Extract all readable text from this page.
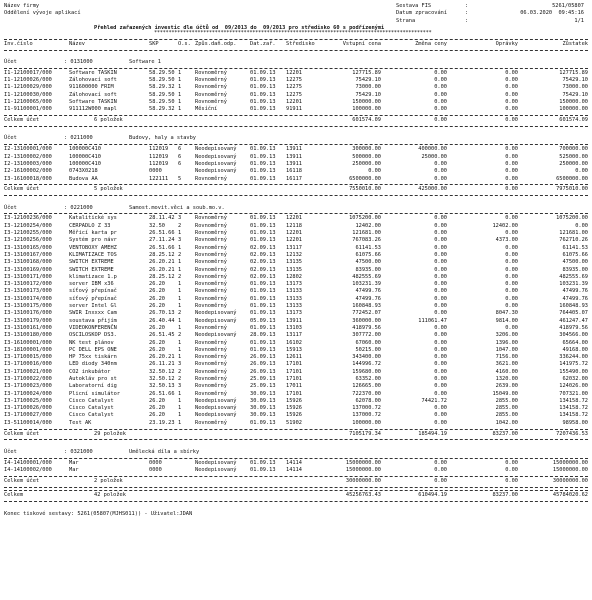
Název firmy

	Sestava FIS

	:

	5261/05807

Oddělení vývoje aplikací

	Datum zpracování

	:

	06.03.2020  09:45:16

Strana

	:

	1/1

Přehled zařazených investic dle účtů od  09/2013 do  09/2013 pro středisko 60 s podřízenými

************************************************************************************************

Inv.číslo	Název	SKP	O.s. Způs.daň.odp.	Dat.zař. Středisko	Vstupní cena	Změna ceny	Oprávky	Zůstatek
Účet	: 0131000	Software 1
I1-12100017/000	Software TASKIN	58.29.50 1	Rovnoměrný	01.09.13 12201	127715.89	0.00	0.00	127715.89
I1-12100026/000	Zálohovací soft	58.29.50 1	Rovnoměrný	01.09.13 12275	75429.10	0.00	0.00	75429.10
I1-12100029/000	911600000 FRIM	58.29.32 1	Rovnoměrný	01.09.13 12275	73000.00	0.00	0.00	73000.00
I1-12100030/000	Zálohovací soft	58.29.50 1	Rovnoměrný	01.09.13 12275	75429.10	0.00	0.00	75429.10
I1-12100065/000	Software TASKIN	58.29.50 1	Rovnoměrný	01.09.13 12201	150000.00	0.00	0.00	150000.00
I1-91100001/000	911112W000 mapl	58.29.32 1	Měsíční	01.09.13 91911	100000.00	0.00	0.00	100000.00
Celkem účet	6 položek	601574.09	0.00	0.00	601574.09
Účet	: 0211000	Budovy, haly a stavby
I2-13100001/000	100000C410	112019 6	Neodepisovaný	01.09.13 13911	300000.00	400000.00	0.00	700000.00
I2-13100002/000	100000C410	112019 6	Neodepisovaný	01.09.13 13911	500000.00	25000.00	0.00	525000.00
I2-13100003/000	100000C410	112019 6	Neodepisovaný	01.09.13 13911	250000.00	0.00	0.00	250000.00
I2-16100002/000	0743X0218	0000	Neodepisovaný	01.09.13 16118	0.00	0.00	0.00	0.00
I3-16100018/000	Budova AA	122111 5	Rovnoměrný	01.09.13 16117	6500000.00	0.00	0.00	6500000.00
Celkem účet	5 položek	7550010.00	425000.00	0.00	7975010.00
Účet	: 0221000	Samost.movit.věci a soub.mo.v.
I3-12100236/000	Katalitické sys	28.11.42 3	Rovnoměrný	01.09.13 12201	1075200.00	0.00	0.00	1075200.00
I3-12100254/000	CERPADLO Z 33	32.50 2	Rovnoměrný	01.09.13 12118	12402.00	0.00	12402.00	0.00
I3-12100255/000	Měřicí karta pr	26.51.66 1	Rovnoměrný	01.09.13 12201	121681.00	0.00	0.00	121681.00
I3-12100256/000	Systém pro návr	27.11.24 3	Rovnoměrný	01.09.13 12201	767083.26	0.00	4373.00	762710.26
I3-13100165/000	VENTOBOXY AMEHZ	26.51.66 1	Rovnoměrný	02.09.13 13117	61141.53	0.00	0.00	61141.53
I3-13100167/000	KLIMATIZACE TOS	28.25.12 2	Rovnoměrný	02.09.13 12132	61075.66	0.00	0.00	61075.66
I3-13100168/000	SWITCH EXTREME	26.20.21 1	Rovnoměrný	02.09.13 13135	47500.00	0.00	0.00	47500.00
I3-13100169/000	SWITCH EXTREME	26.20.21 1	Rovnoměrný	02.09.13 13135	83935.00	0.00	0.00	83935.00
I3-13100171/000	klimatizace 1.p	28.25.12 2	Rovnoměrný	02.09.13 12802	482555.69	0.00	0.00	482555.69
I3-13100172/000	server IBM x36	26.20 1	Rovnoměrný	01.09.13 13173	103231.39	0.00	0.00	103231.39
I3-13100173/000	síťový přepínač	26.20 1	Rovnoměrný	01.09.13 13133	47499.76	0.00	0.00	47499.76
I3-13100174/000	síťový přepínač	26.20 1	Rovnoměrný	01.09.13 13133	47499.76	0.00	0.00	47499.76
I3-13100175/000	server Intel Gl	26.20 1	Rovnoměrný	01.09.13 13133	160848.93	0.00	0.00	160848.93
I3-13100176/000	SWIR Inxxxx Cam	26.70.13 2	Neodepisovaný	01.09.13 13173	772452.07	0.00	8047.30	764405.07
I3-13100179/000	soustava přijím	26.40.44 1	Neodepisovaný	05.09.13 13911	360000.00	111061.47	9814.00	461247.47
I3-13100161/000	VIDEOKONFERENČN	26.20 1	Rovnoměrný	01.09.13 13103	418979.56	0.00	0.00	418979.56
I3-13100180/000	OSCILOSKOP DS3.	26.51.45 2	Neodepisovaný	28.09.13 13117	307772.00	0.00	3206.00	304566.00
I3-16100001/000	NK test plánov	26.20 1	Rovnoměrný	01.09.13 16102	67060.00	0.00	1396.00	65664.00
I3-18100001/000	PC DELL EPS ONE	26.20 1	Rovnoměrný	01.09.13 15913	50215.00	0.00	1047.00	49168.00
I3-17100015/000	HP 75xx tiskárn	26.20.21 1	Rovnoměrný	26.09.13 12611	343400.00	0.00	7156.00	336244.00
I3-17100016/000	LED diody 340nm	26.11.21 3	Rovnoměrný	26.09.13 17101	144996.72	0.00	3621.00	141975.72
I3-17100021/000	CO2 inkubátor	32.50.12 2	Rovnoměrný	26.09.13 17101	159680.00	0.00	4160.00	155490.00
I3-17100022/000	Autokláv pro st	32.50.12 2	Rovnoměrný	25.09.13 17101	63352.00	0.00	1320.00	62032.00
I3-17100023/000	Laboratorní dig	32.50.13 3	Rovnoměrný	25.09.13 17011	126665.00	0.00	2639.00	124026.00
I3-17100024/000	Plicní simulátor	26.51.66 1	Rovnoměrný	30.09.13 17101	722370.00	0.00	15049.00	707321.00
I3-17100025/000	Cisco Catalyst	26.20 1	Neodepisovaný	30.09.13 15926	62078.00	74421.72	2855.00	134158.72
I3-17100026/000	Cisco Catalyst	26.20 1	Neodepisovaný	30.09.13 15926	137000.72	0.00	2855.00	134158.72
I3-17100027/000	Cisco Catalyst	26.20 1	Neodepisovaný	30.09.13 15926	137000.72	0.00	2855.00	134158.72
I3-51100014/000	Test AK	23.19.23 1	Rovnoměrný	01.09.13 51902	100000.00	0.00	1042.00	98958.00
Celkem účet	29 položek	7105179.34	185494.19	83237.00	7207436.53
Účet	: 0321000	Umělecká díla a sbírky
I4-14100001/000	Mar	0000	Neodepisovaný	01.09.13 14114	15000000.00	0.00	0.00	15000000.00
I4-14100002/000	Mar	0000	Neodepisovaný	01.09.13 14114	15000000.00	0.00	0.00	15000000.00
Celkem účet	2 položek	30000000.00	0.00	0.00	30000000.00
Celkem	42 položek	45256763.43	610494.19	83237.00	45784020.62

Konec tiskové sestavy: 5261(05807(MJHS011)) - Uživatel:JDAN
